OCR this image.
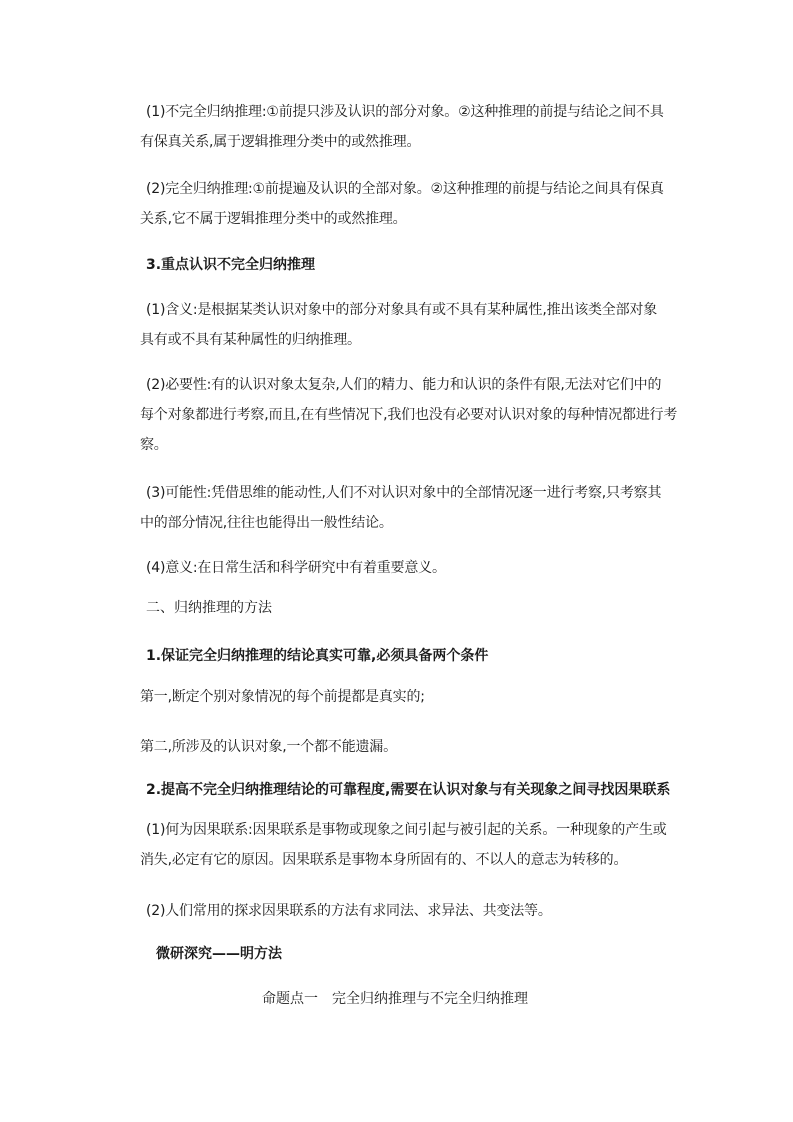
(1)不完全归纳推理:①前提只涉及认识的部分对象。②这种推理的前提与结论之间不具
有保真关系,属于逻辑推理分类中的或然推理。
(2)完全归纳推理:①前提遍及认识的全部对象。②这种推理的前提与结论之间具有保真
关系,它不属于逻辑推理分类中的或然推理。
3.重点认识不完全归纳推理
(1)含义:是根据某类认识对象中的部分对象具有或不具有某种属性,推出该类全部对象
具有或不具有某种属性的归纳推理。
(2)必要性:有的认识对象太复杂,人们的精力、能力和认识的条件有限,无法对它们中的
每个对象都进行考察,而且,在有些情况下,我们也没有必要对认识对象的每种情况都进行考
察。
(3)可能性:凭借思维的能动性,人们不对认识对象中的全部情况逐一进行考察,只考察其
中的部分情况,往往也能得出一般性结论。
(4)意义:在日常生活和科学研究中有着重要意义。
二、归纳推理的方法
1.保证完全归纳推理的结论真实可靠,必须具备两个条件
第一,断定个别对象情况的每个前提都是真实的;
第二,所涉及的认识对象,一个都不能遗漏。
2.提高不完全归纳推理结论的可靠程度,需要在认识对象与有关现象之间寻找因果联系
(1)何为因果联系:因果联系是事物或现象之间引起与被引起的关系。一种现象的产生或
消失,必定有它的原因。因果联系是事物本身所固有的、不以人的意志为转移的。
(2)人们常用的探求因果联系的方法有求同法、求异法、共变法等。
微研深究——明方法
命题点一　完全归纳推理与不完全归纳推理
